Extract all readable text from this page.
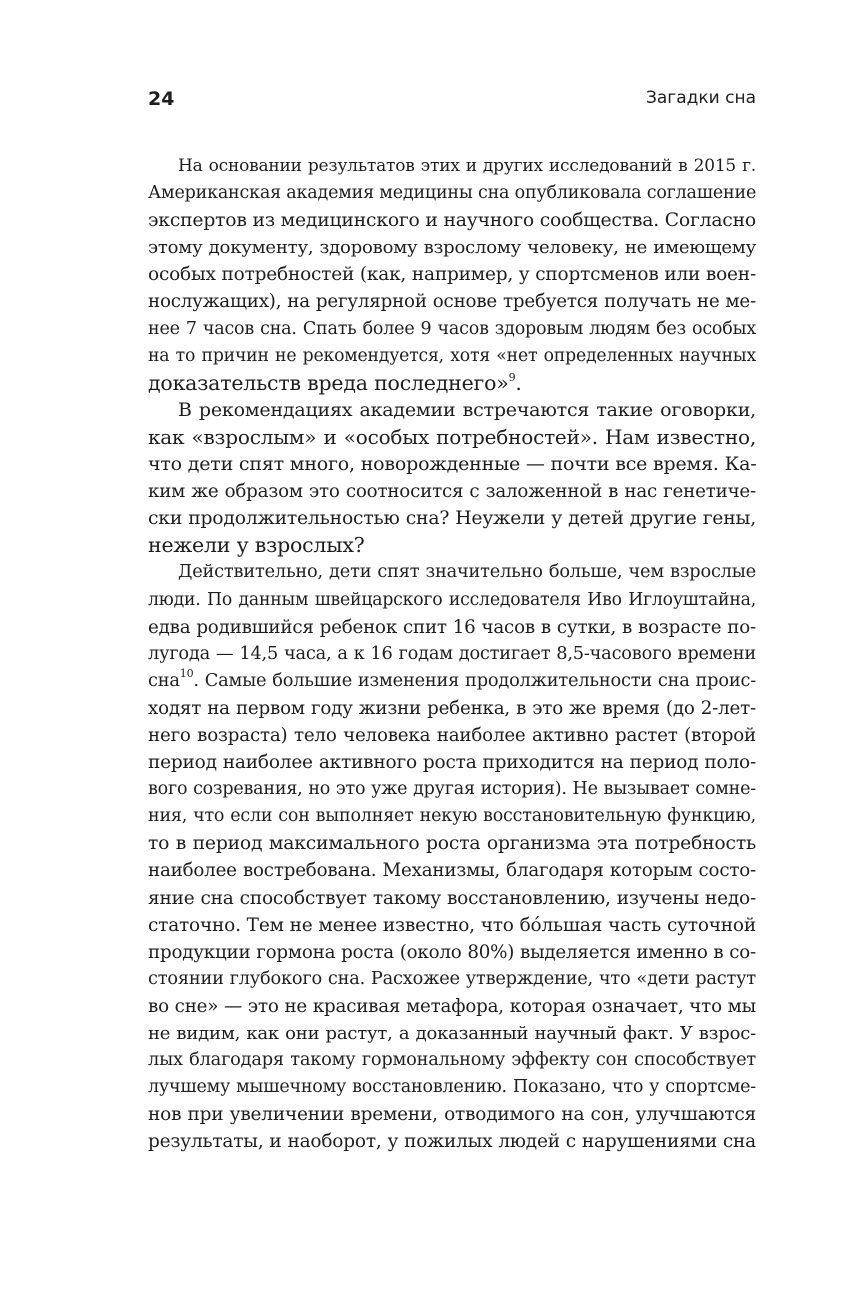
24	Загадки сна
На основании результатов этих и других исследований в 2015 г.
Американская академия медицины сна опубликовала соглашение
экспертов из медицинского и научного сообщества. Согласно
этому документу, здоровому взрослому человеку, не имеющему
особых потребностей (как, например, у спортсменов или воен-
нослужащих), на регулярной основе требуется получать не ме-
нее 7 часов сна. Спать более 9 часов здоровым людям без особых
на то причин не рекомендуется, хотя «нет определенных научных
доказательств вреда последнего»$^9$.
В рекомендациях академии встречаются такие оговорки,
как «взрослым» и «особых потребностей». Нам известно,
что дети спят много, новорожденные — почти все время. Ка-
ким же образом это соотносится с заложенной в нас генетиче-
ски продолжительностью сна? Неужели у детей другие гены,
нежели у взрослых?
Действительно, дети спят значительно больше, чем взрослые
люди. По данным швейцарского исследователя Иво Иглоуштайна,
едва родившийся ребенок спит 16 часов в сутки, в возрасте по-
лугода — 14,5 часа, а к 16 годам достигает 8,5-часового времени
сна$^{10}$. Самые большие изменения продолжительности сна проис-
ходят на первом году жизни ребенка, в это же время (до 2-лет-
него возраста) тело человека наиболее активно растет (второй
период наиболее активного роста приходится на период поло-
вого созревания, но это уже другая история). Не вызывает сомне-
ния, что если сон выполняет некую восстановительную функцию,
то в период максимального роста организма эта потребность
наиболее востребована. Механизмы, благодаря которым состо-
яние сна способствует такому восстановлению, изучены недо-
статочно. Тем не менее известно, что бо́льшая часть суточной
продукции гормона роста (около 80%) выделяется именно в со-
стоянии глубокого сна. Расхожее утверждение, что «дети растут
во сне» — это не красивая метафора, которая означает, что мы
не видим, как они растут, а доказанный научный факт. У взрос-
лых благодаря такому гормональному эффекту сон способствует
лучшему мышечному восстановлению. Показано, что у спортсме-
нов при увеличении времени, отводимого на сон, улучшаются
результаты, и наоборот, у пожилых людей с нарушениями сна
